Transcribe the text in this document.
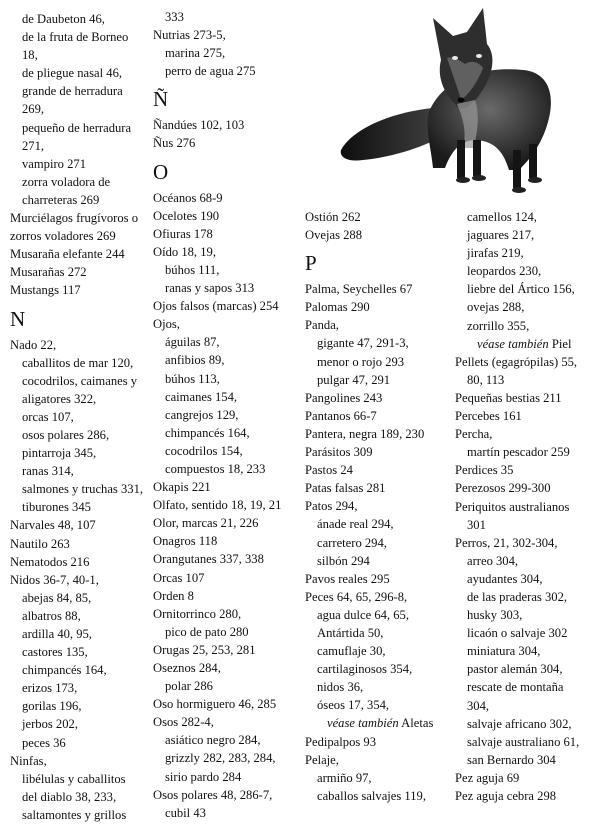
de Daubeton 46,
de la fruta de Borneo
18,
de pliegue nasal 46,
grande de herradura
269,
pequeño de herradura
271,
vampiro 271
zorra voladora de
charreteras 269
Murciélagos frugívoros o
zorros voladores 269
Musaraña elefante 244
Musarañas 272
Mustangs 117
N
Nado 22,
caballitos de mar 120,
cocodrilos, caimanes y
aligatores 322,
orcas 107,
osos polares 286,
pintarroja 345,
ranas 314,
salmones y truchas 331,
tiburones 345
Narvales 48, 107
Nautilo 263
Nematodos 216
Nidos 36-7, 40-1,
abejas 84, 85,
albatros 88,
ardilla 40, 95,
castores 135,
chimpancés 164,
erizos 173,
gorilas 196,
jerbos 202,
peces 36
Ninfas,
libélulas y caballitos
del diablo 38, 233,
saltamontes y grillos
333
Nutrias 273-5,
marina 275,
perro de agua 275
Ñ
Ñandúes 102, 103
Ñus 276
O
Océanos 68-9
Ocelotes 190
Ofiuras 178
Oído 18, 19,
búhos 111,
ranas y sapos 313
Ojos falsos (marcas) 254
Ojos,
águilas 87,
anfibios 89,
búhos 113,
caimanes 154,
cangrejos 129,
chimpancés 164,
cocodrilos 154,
compuestos 18, 233
Okapis 221
Olfato, sentido 18, 19, 21
Olor, marcas 21, 226
Onagros 118
Orangutanes 337, 338
Orcas 107
Orden 8
Ornitorrinco 280,
pico de pato 280
Orugas 25, 253, 281
Oseznos 284,
polar 286
Oso hormiguero 46, 285
Osos 282-4,
asiático negro 284,
grizzly 282, 283, 284,
sirio pardo 284
Osos polares 48, 286-7,
cubil 43
Ostión 262
Ovejas 288
P
Palma, Seychelles 67
Palomas 290
Panda,
gigante 47, 291-3,
menor o rojo 293
pulgar 47, 291
Pangolines 243
Pantanos 66-7
Pantera, negra 189, 230
Parásitos 309
Pastos 24
Patas falsas 281
Patos 294,
ánade real 294,
carretero 294,
silbón 294
Pavos reales 295
Peces 64, 65, 296-8,
agua dulce 64, 65,
Antártida 50,
camuflaje 30,
cartilaginosos 354,
nidos 36,
óseos 17, 354,
véase también Aletas
Pedipalpos 93
Pelaje,
armiño 97,
caballos salvajes 119,
camellos 124,
jaguares 217,
jirafas 219,
leopardos 230,
liebre del Ártico 156,
ovejas 288,
zorrillo 355,
véase también Piel
Pellets (egagrópilas) 55,
80, 113
Pequeñas bestias 211
Percebes 161
Percha,
martín pescador 259
Perdices 35
Perezosos 299-300
Periquitos australianos
301
Perros, 21, 302-304,
arreo 304,
ayudantes 304,
de las praderas 302,
husky 303,
licaón o salvaje 302
miniatura 304,
pastor alemán 304,
rescate de montaña
304,
salvaje africano 302,
salvaje australiano 61,
san Bernardo 304
Pez aguja 69
Pez aguja cebra 298
